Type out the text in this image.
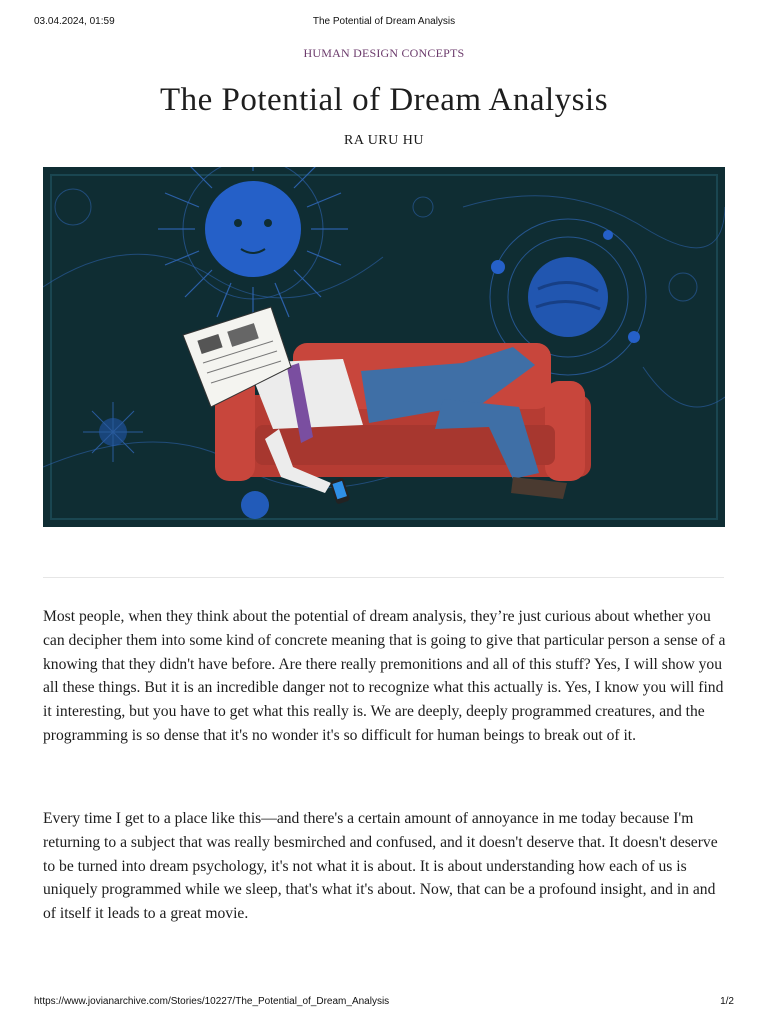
03.04.2024, 01:59	The Potential of Dream Analysis
HUMAN DESIGN CONCEPTS
The Potential of Dream Analysis
RA URU HU

Most people, when they think about the potential of dream analysis, they’re just curious about whether you can decipher them into some kind of concrete meaning that is going to give that particular person a sense of a knowing that they didn't have before. Are there really premonitions and all of this stuff? Yes, I will show you all these things. But it is an incredible danger not to recognize what this actually is. Yes, I know you will find it interesting, but you have to get what this really is. We are deeply, deeply programmed creatures, and the programming is so dense that it's no wonder it's so difficult for human beings to break out of it.

Every time I get to a place like this—and there's a certain amount of annoyance in me today because I'm returning to a subject that was really besmirched and confused, and it doesn't deserve that. It doesn't deserve to be turned into dream psychology, it's not what it is about. It is about understanding how each of us is uniquely programmed while we sleep, that's what it's about. Now, that can be a profound insight, and in and of itself it leads to a great movie.

https://www.jovianarchive.com/Stories/10227/The_Potential_of_Dream_Analysis	1/2
